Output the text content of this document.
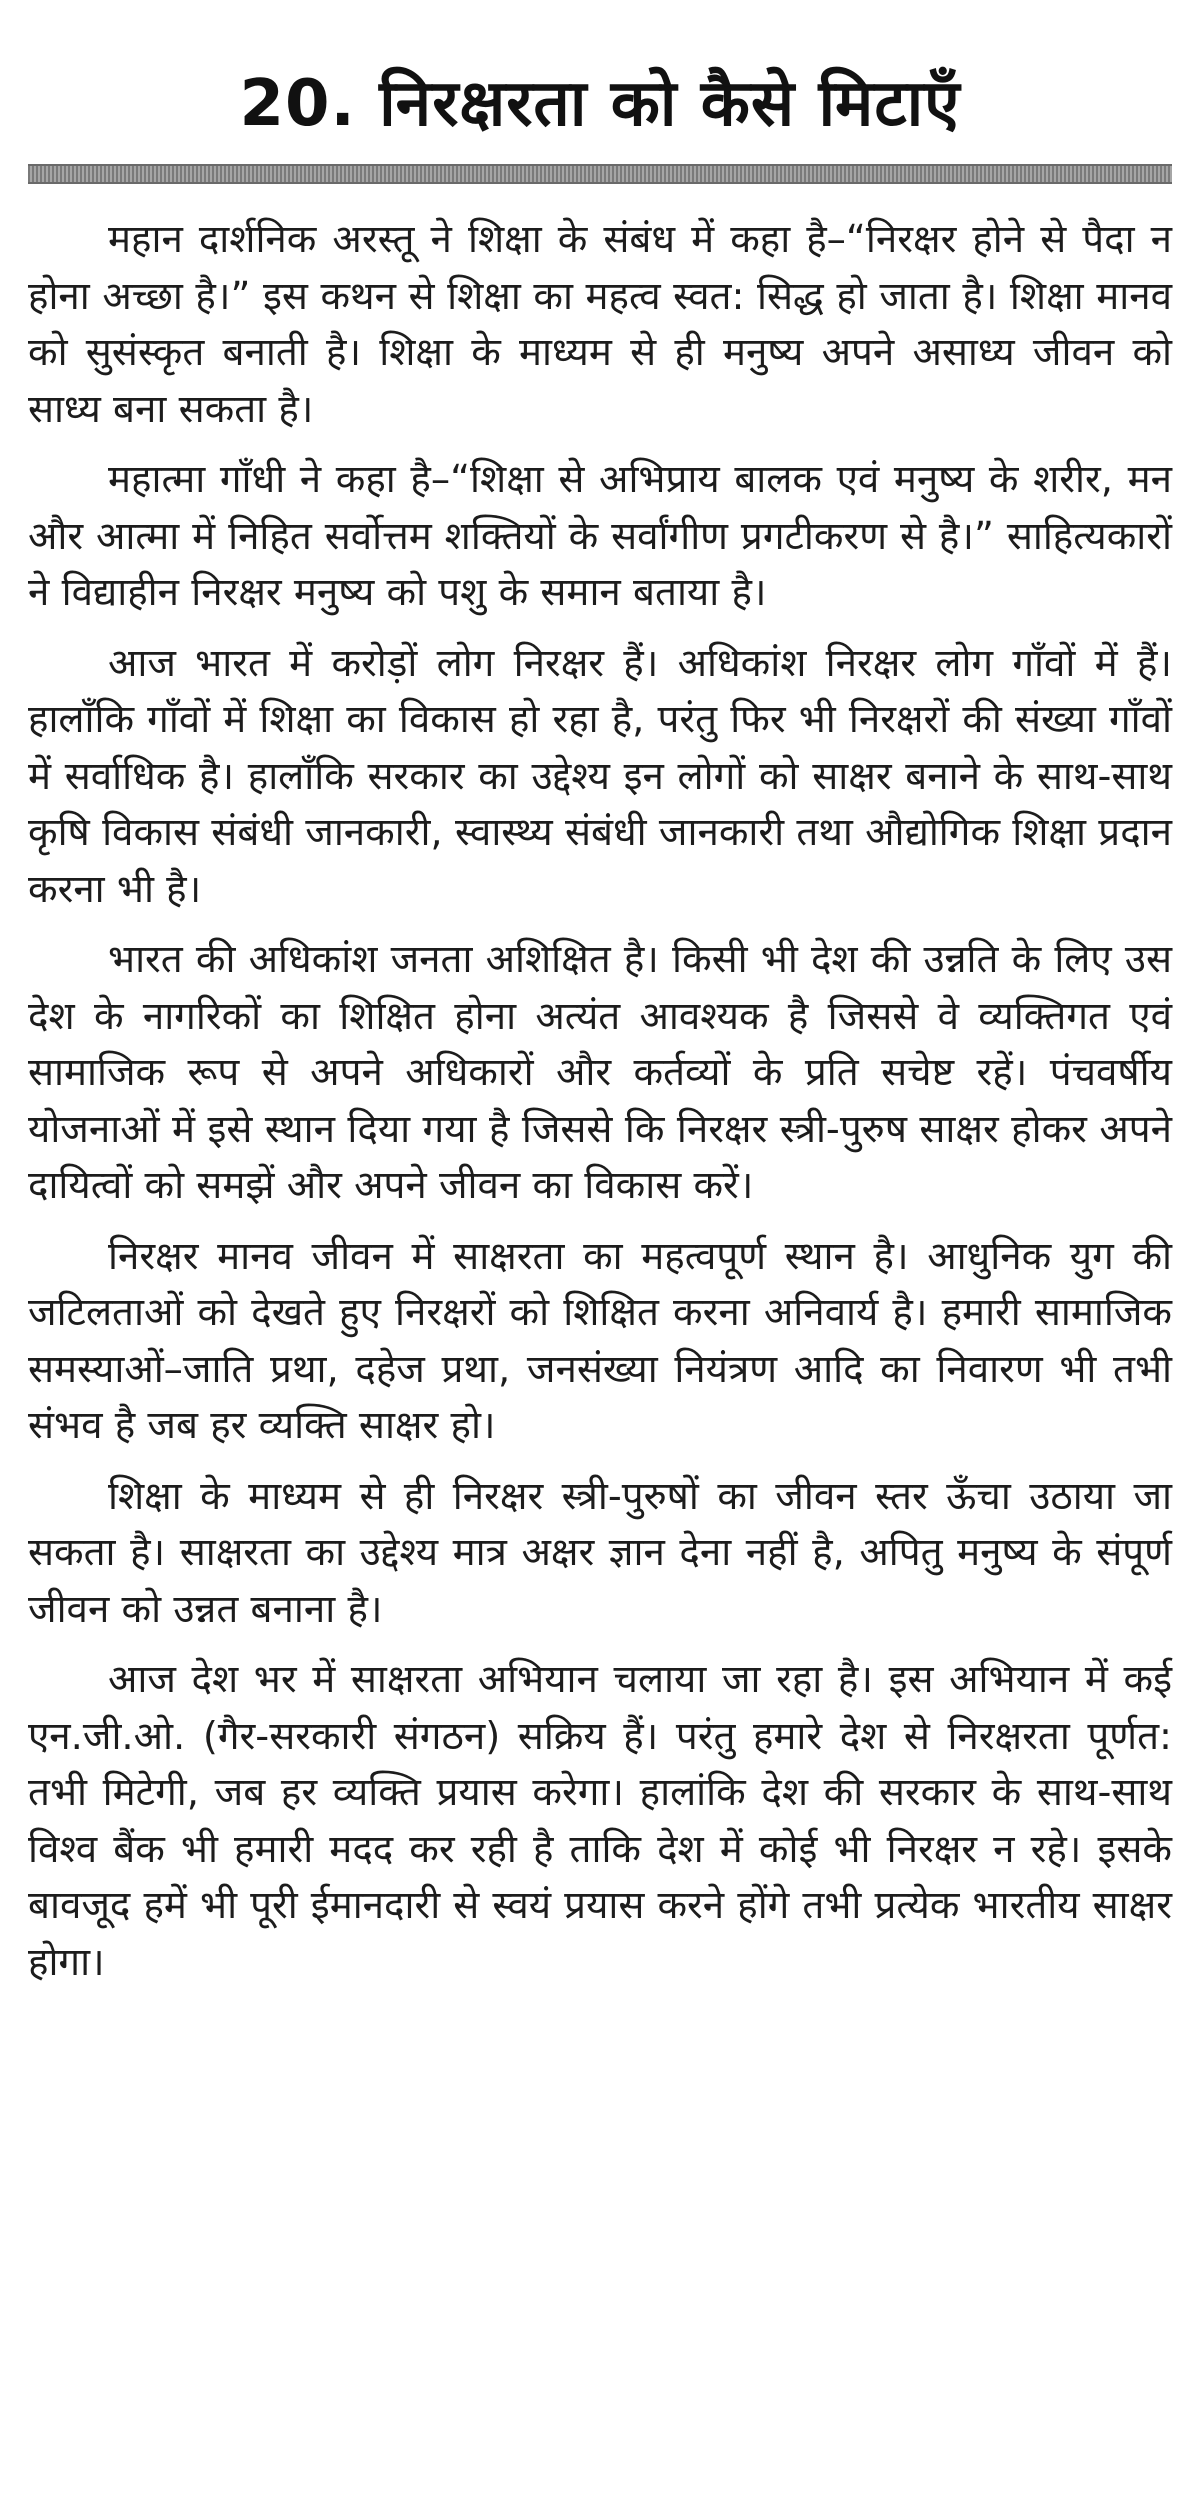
20. निरक्षरता को कैसे मिटाएँ

महान दार्शनिक अरस्तू ने शिक्षा के संबंध में कहा है–“निरक्षर होने से पैदा न होना अच्छा है।” इस कथन से शिक्षा का महत्व स्वत: सिद्ध हो जाता है। शिक्षा मानव को सुसंस्कृत बनाती है। शिक्षा के माध्यम से ही मनुष्य अपने असाध्य जीवन को साध्य बना सकता है।

महात्मा गाँधी ने कहा है–“शिक्षा से अभिप्राय बालक एवं मनुष्य के शरीर, मन और आत्मा में निहित सर्वोत्तम शक्तियों के सर्वांगीण प्रगटीकरण से है।” साहित्यकारों ने विद्याहीन निरक्षर मनुष्य को पशु के समान बताया है।

आज भारत में करोड़ों लोग निरक्षर हैं। अधिकांश निरक्षर लोग गाँवों में हैं। हालाँकि गाँवों में शिक्षा का विकास हो रहा है, परंतु फिर भी निरक्षरों की संख्या गाँवों में सर्वाधिक है। हालाँकि सरकार का उद्देश्य इन लोगों को साक्षर बनाने के साथ-साथ कृषि विकास संबंधी जानकारी, स्वास्थ्य संबंधी जानकारी तथा औद्योगिक शिक्षा प्रदान करना भी है।

भारत की अधिकांश जनता अशिक्षित है। किसी भी देश की उन्नति के लिए उस देश के नागरिकों का शिक्षित होना अत्यंत आवश्यक है जिससे वे व्यक्तिगत एवं सामाजिक रूप से अपने अधिकारों और कर्तव्यों के प्रति सचेष्ट रहें। पंचवर्षीय योजनाओं में इसे स्थान दिया गया है जिससे कि निरक्षर स्त्री-पुरुष साक्षर होकर अपने दायित्वों को समझें और अपने जीवन का विकास करें।

निरक्षर मानव जीवन में साक्षरता का महत्वपूर्ण स्थान है। आधुनिक युग की जटिलताओं को देखते हुए निरक्षरों को शिक्षित करना अनिवार्य है। हमारी सामाजिक समस्याओं–जाति प्रथा, दहेज प्रथा, जनसंख्या नियंत्रण आदि का निवारण भी तभी संभव है जब हर व्यक्ति साक्षर हो।

शिक्षा के माध्यम से ही निरक्षर स्त्री-पुरुषों का जीवन स्तर ऊँचा उठाया जा सकता है। साक्षरता का उद्देश्य मात्र अक्षर ज्ञान देना नहीं है, अपितु मनुष्य के संपूर्ण जीवन को उन्नत बनाना है।

आज देश भर में साक्षरता अभियान चलाया जा रहा है। इस अभियान में कई एन.जी.ओ. (गैर-सरकारी संगठन) सक्रिय हैं। परंतु हमारे देश से निरक्षरता पूर्णत: तभी मिटेगी, जब हर व्यक्ति प्रयास करेगा। हालांकि देश की सरकार के साथ-साथ विश्व बैंक भी हमारी मदद कर रही है ताकि देश में कोई भी निरक्षर न रहे। इसके बावजूद हमें भी पूरी ईमानदारी से स्वयं प्रयास करने होंगे तभी प्रत्येक भारतीय साक्षर होगा।
